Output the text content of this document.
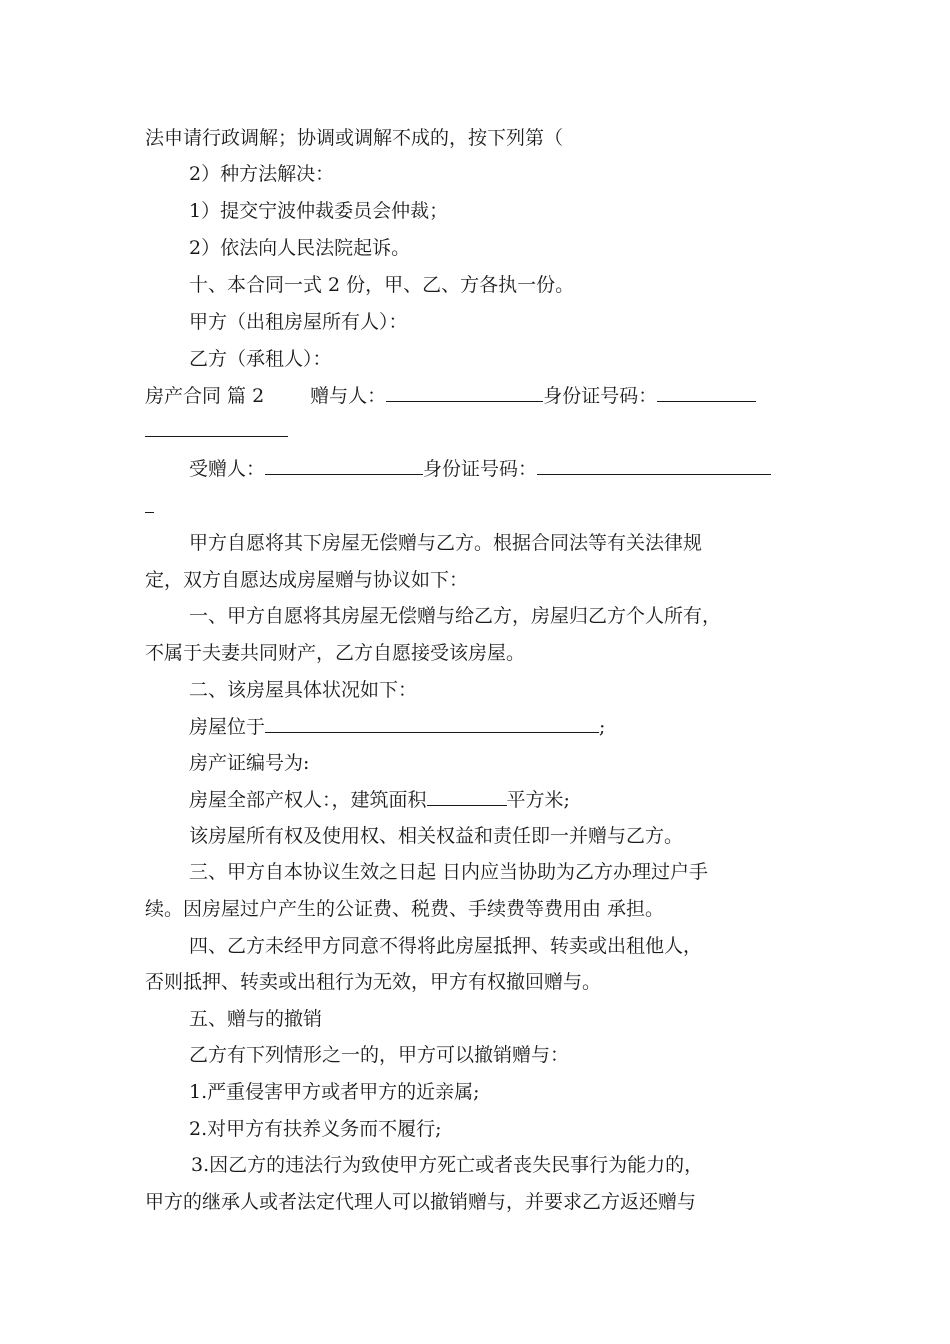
法申请行政调解；协调或调解不成的，按下列第（
2）种方法解决：
1）提交宁波仲裁委员会仲裁；
2）依法向人民法院起诉。
十、本合同一式 2 份，甲、乙、方各执一份。
甲方（出租房屋所有人）：
乙方（承租人）：
房产合同 篇 2 赠与人：	身份证号码：
受赠人：	身份证号码：
甲方自愿将其下房屋无偿赠与乙方。根据合同法等有关法律规
定，双方自愿达成房屋赠与协议如下：
一、甲方自愿将其房屋无偿赠与给乙方，房屋归乙方个人所有，
不属于夫妻共同财产，乙方自愿接受该房屋。
二、该房屋具体状况如下：
房屋位于	;
房产证编号为:
房屋全部产权人：，建筑面积	平方米;
该房屋所有权及使用权、相关权益和责任即一并赠与乙方。
三、甲方自本协议生效之日起 日内应当协助为乙方办理过户手
续。因房屋过户产生的公证费、税费、手续费等费用由 承担。
四、乙方未经甲方同意不得将此房屋抵押、转卖或出租他人，
否则抵押、转卖或出租行为无效，甲方有权撤回赠与。
五、赠与的撤销
乙方有下列情形之一的，甲方可以撤销赠与：
1.严重侵害甲方或者甲方的近亲属;
2.对甲方有扶养义务而不履行;
3.因乙方的违法行为致使甲方死亡或者丧失民事行为能力的，
甲方的继承人或者法定代理人可以撤销赠与，并要求乙方返还赠与
